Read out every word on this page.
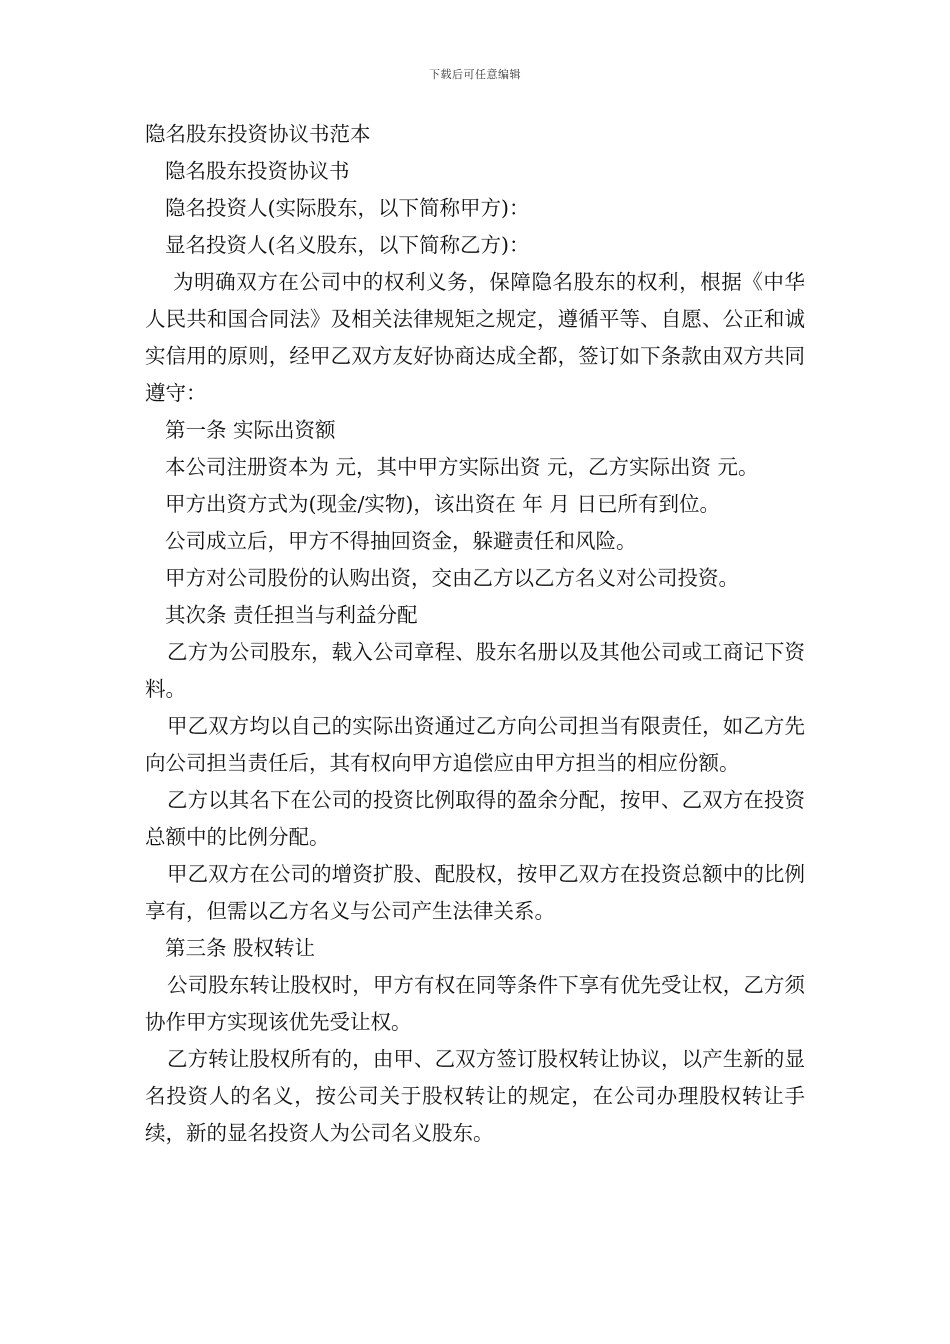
下载后可任意编辑

隐名股东投资协议书范本

隐名股东投资协议书

隐名投资人(实际股东，以下简称甲方)：

显名投资人(名义股东，以下简称乙方)：

为明确双方在公司中的权利义务，保障隐名股东的权利，根据《中华人民共和国合同法》及相关法律规矩之规定，遵循平等、自愿、公正和诚实信用的原则，经甲乙双方友好协商达成全都，签订如下条款由双方共同遵守：

第一条 实际出资额

本公司注册资本为 元，其中甲方实际出资 元，乙方实际出资 元。

甲方出资方式为(现金/实物)，该出资在 年 月 日已所有到位。

公司成立后，甲方不得抽回资金，躲避责任和风险。

甲方对公司股份的认购出资，交由乙方以乙方名义对公司投资。

其次条 责任担当与利益分配

乙方为公司股东，载入公司章程、股东名册以及其他公司或工商记下资料。

甲乙双方均以自己的实际出资通过乙方向公司担当有限责任，如乙方先向公司担当责任后，其有权向甲方追偿应由甲方担当的相应份额。

乙方以其名下在公司的投资比例取得的盈余分配，按甲、乙双方在投资总额中的比例分配。

甲乙双方在公司的增资扩股、配股权，按甲乙双方在投资总额中的比例享有，但需以乙方名义与公司产生法律关系。

第三条 股权转让

公司股东转让股权时，甲方有权在同等条件下享有优先受让权，乙方须协作甲方实现该优先受让权。

乙方转让股权所有的，由甲、乙双方签订股权转让协议，以产生新的显名投资人的名义，按公司关于股权转让的规定，在公司办理股权转让手续，新的显名投资人为公司名义股东。
